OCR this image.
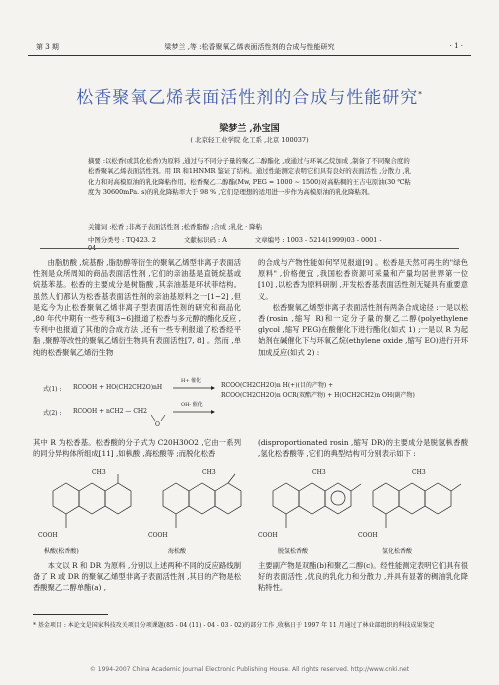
第 3 期	梁梦兰 ,等 :松香聚氧乙烯表面活性剂的合成与性能研究	· 1 ·
松香聚氧乙烯表面活性剂的合成与性能研究*
梁梦兰 ,孙宝国
( 北京轻工业学院 化工系 ,北京 100037)
摘要 :以松香(或其化松香)为原料 ,通过与不同分子量的聚乙二醇酯化 ,或通过与环氧乙烷加成 ,制备了不同聚合度的松香聚氧乙烯表面活性剂。用 IR 和1HNMR 鉴证了结构。通过性能测定表明它们具有良好的表面活性 ,分散力 ,乳化力和对高模原油的乳化降粘作用。松香聚乙二醇酯(Mw, PEG = 1000 ~ 1500)对高粘稠的王吉屯原油(30 ℃粘度为 30600mPa. s)的乳化降粘率大于 98 % ,它们是理想的适用进一步作为高模原油的乳化降粘剂。
关键词 :松香 ;非离子表面活性剂 ;松香脂醇 ;合成 ;乳化 · 降粘
中图分类号 : TQ423. 2	文献标识码 : A	文章编号 : 1003 - 5214(1999)03 - 0001 - 04

由脂肪酸 ,烷基酚 ,脂肪醇等衍生的聚氧乙烯型非离子表面活性剂是众所周知的商品表面活性剂 ,它们的亲油基是直链烷基或烷基苯基。松香的主要成分是树脂酸 ,其亲油基是环状菲结构。虽然人们都认为松香基表面活性剂的亲油基原料之一[1~2] ,但是迄今为止松香聚氧乙烯非离子型表面活性剂的研究和商品化 ,80 年代中期有一些专利[3~6]报道了松香与多元醇的酯化反应 ,专利中也报道了其他的合成方法 ,还有一些专利报道了松香经平脂 ,聚醇等改性的聚氧乙烯衍生物具有表面活性[7, 8] 。然而 ,单纯的松香聚氧乙烯衍生物

的合成与产物性能如何罕见报道[9] 。松香是天然可再生的"绿色原料" ,价格便宜 ,我国松香资源可采量和产量均居世界第一位[10] ,以松香为原料研制 ,开发松香基表面活性剂无疑具有重要意义。

松香聚氧乙烯型非离子表面活性剂有两条合成途径 :一是以松香(rosin ,缩写 R)和一定分子量的聚乙二醇(polyethylene glycol ,缩写 PEG)在酸催化下进行酯化(如式 1) ;一是以 R 为起始剂在碱催化下与环氧乙烷(ethylene oxide ,缩写 EO)进行开环加成反应(如式 2) :

式(1) : RCOOH + HO(CH2CH2O)nH
H+ 催化
RCOO(CH2CH2O)n H(+)(目的产物) +
RCOO(CH2CH2O)n OCR(双酯产物) + H(OCH2CH2)n OH(副产物)
式(2) : RCOOH + nCH2 — CH2
O
OH- 催化
其中 R 为松香基。松香酸的分子式为 C20H30O2 ,它由一系列的同分异构体所组成[11] ,如枞酸 ,海松酸等 ;而脱化松香
(disproportionated rosin ,缩写 DR)的主要成分是脱氢枞香酸 ,氢化松香酸等 ,它们的典型结构可分别表示如下 :
COOH	COOH	COOH	COOH
CH3	CH3	CH3	CH3
枞酸(松香酸)	海松酸	脱氢松香酸	氢化松香酸

本文以 R 和 DR 为原料 ,分别以上述两种不同的反应路线制备了 R 或 DR 的聚氧乙烯型非离子表面活性剂 ,其目的产物是松香酸聚乙二醇单酯(a) ,

主要副产物是双酯(b)和聚乙二醇(c)。经性能测定表明它们具有很好的表面活性 ,优良的乳化力和分散力 ,并具有显著的稠油乳化降粘特性。

* 基金项目 : 本论文是国家科技攻关项目分项课题(85 - 04 (11) - 04 - 03 - 02)的部分工作 ,收稿日于 1997 年 11 月通过了林业部组织的科技成果鉴定
© 1994-2007 China Academic Journal Electronic Publishing House. All rights reserved. http://www.cnki.net
